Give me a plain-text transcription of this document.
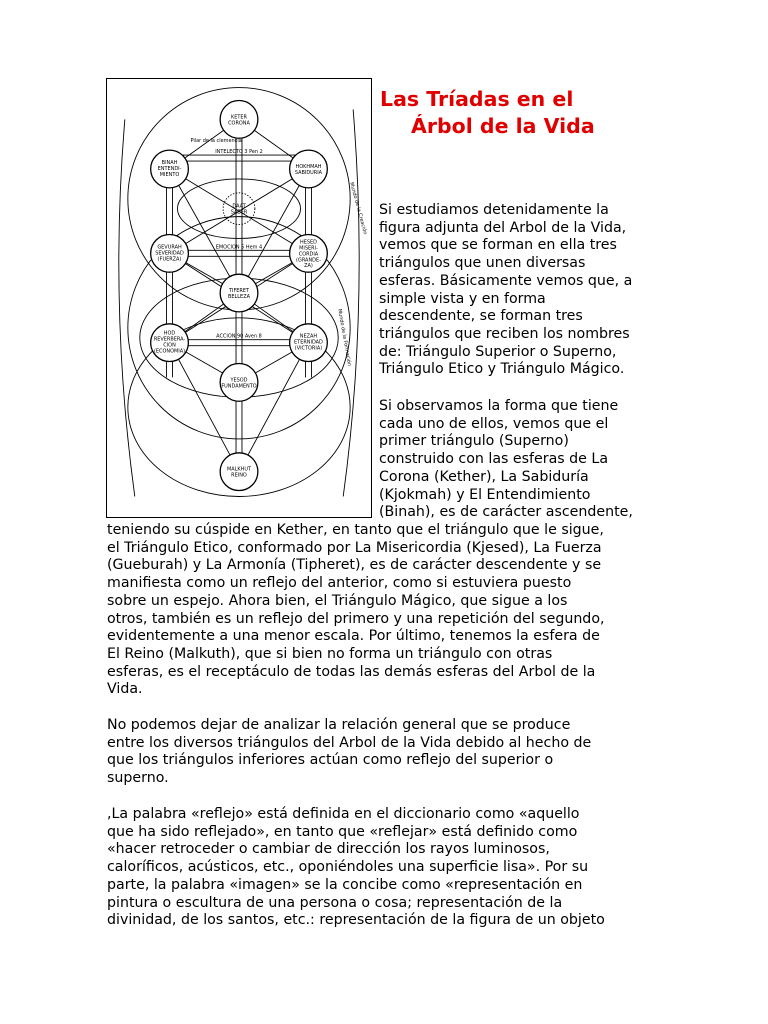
KETER
CORONA
BINAH
ENTENDI-
MIENTO
HOKHMAH
SABIDURIA
DAAT
SABER
GEVURAH
SEVERIDAD
(FUERZA)
HESED
MISERI-
CORDIA
(GRANDE-
ZA)
TIFERET
BELLEZA
HOD
REVERBERA-
CION
(ECONOMIA)
NEZAH
ETERNIDAD
(VICTORIA)
YESOD
FUNDAMENTO
MALKHUT
REINO
INTELECTO 3 Pen 2
EMOCION 5 Hem 4
ACCION 90 Aven 8
Pilar de la clemencia
Mundo de la Creación
Mundo de la Formación
Las Tríadas en el
Árbol de la Vida
Si estudiamos detenidamente la
figura adjunta del Arbol de la Vida,
vemos que se forman en ella tres
triángulos que unen diversas
esferas. Básicamente vemos que, a
simple vista y en forma
descendente, se forman tres
triángulos que reciben los nombres
de: Triángulo Superior o Superno,
Triángulo Etico y Triángulo Mágico.
Si observamos la forma que tiene
cada uno de ellos, vemos que el
primer triángulo (Superno)
construido con las esferas de La
Corona (Kether), La Sabiduría
(Kjokmah) y El Entendimiento
(Binah), es de carácter ascendente,
teniendo su cúspide en Kether, en tanto que el triángulo que le sigue,
el Triángulo Etico, conformado por La Misericordia (Kjesed), La Fuerza
(Gueburah) y La Armonía (Tipheret), es de carácter descendente y se
manifiesta como un reflejo del anterior, como si estuviera puesto
sobre un espejo. Ahora bien, el Triángulo Mágico, que sigue a los
otros, también es un reflejo del primero y una repetición del segundo,
evidentemente a una menor escala. Por último, tenemos la esfera de
El Reino (Malkuth), que si bien no forma un triángulo con otras
esferas, es el receptáculo de todas las demás esferas del Arbol de la
Vida.
No podemos dejar de analizar la relación general que se produce
entre los diversos triángulos del Arbol de la Vida debido al hecho de
que los triángulos inferiores actúan como reflejo del superior o
superno.
,La palabra «reflejo» está definida en el diccionario como «aquello
que ha sido reflejado», en tanto que «reflejar» está definido como
«hacer retroceder o cambiar de dirección los rayos luminosos,
caloríficos, acústicos, etc., oponiéndoles una superficie lisa». Por su
parte, la palabra «imagen» se la concibe como «representación en
pintura o escultura de una persona o cosa; representación de la
divinidad, de los santos, etc.: representación de la figura de un objeto
